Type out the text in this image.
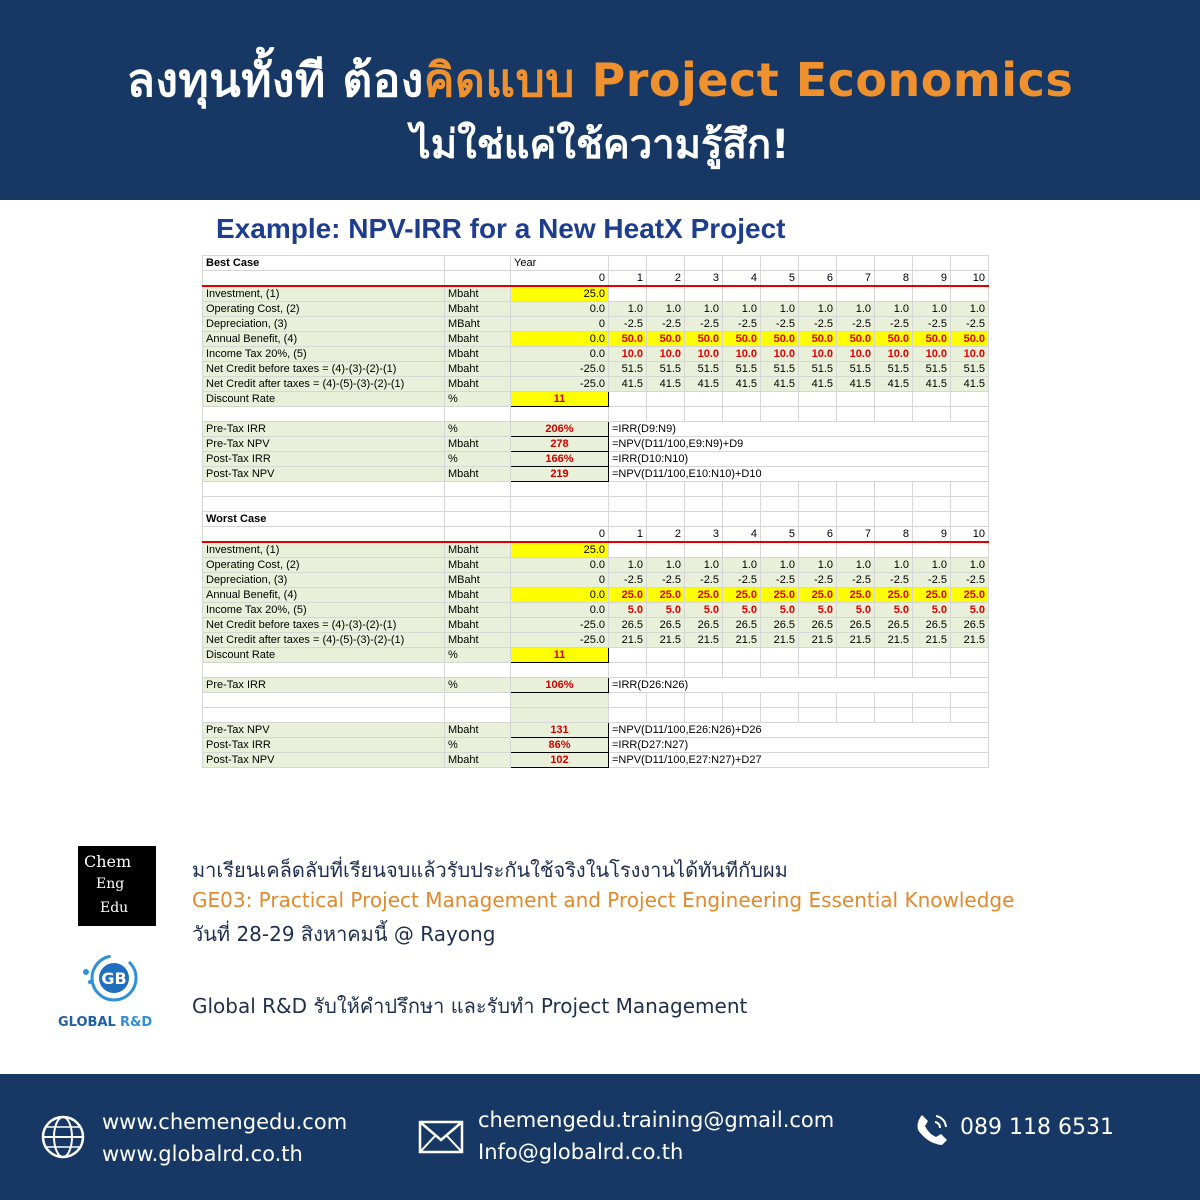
ลงทุนทั้งที ต้องคิดแบบ Project Economics
ไม่ใช่แค่ใช้ความรู้สึก!
Example: NPV-IRR for a New HeatX Project
Best Case		Year										
		0	1	2	3	4	5	6	7	8	9	10
Investment, (1)	Mbaht	25.0										
Operating Cost, (2)	Mbaht	0.0	1.0	1.0	1.0	1.0	1.0	1.0	1.0	1.0	1.0	1.0
Depreciation, (3)	MBaht	0	-2.5	-2.5	-2.5	-2.5	-2.5	-2.5	-2.5	-2.5	-2.5	-2.5
Annual Benefit, (4)	Mbaht	0.0	50.0	50.0	50.0	50.0	50.0	50.0	50.0	50.0	50.0	50.0
Income Tax 20%, (5)	Mbaht	0.0	10.0	10.0	10.0	10.0	10.0	10.0	10.0	10.0	10.0	10.0
Net Credit before taxes = (4)-(3)-(2)-(1)	Mbaht	-25.0	51.5	51.5	51.5	51.5	51.5	51.5	51.5	51.5	51.5	51.5
Net Credit after taxes = (4)-(5)-(3)-(2)-(1)	Mbaht	-25.0	41.5	41.5	41.5	41.5	41.5	41.5	41.5	41.5	41.5	41.5
Discount Rate	%	11										

Pre-Tax IRR	%	206%	=IRR(D9:N9)									
Pre-Tax NPV	Mbaht	278	=NPV(D11/100,E9:N9)+D9									
Post-Tax IRR	%	166%	=IRR(D10:N10)									
Post-Tax NPV	Mbaht	219	=NPV(D11/100,E10:N10)+D10									

Worst Case												
		0	1	2	3	4	5	6	7	8	9	10
Investment, (1)	Mbaht	25.0										
Operating Cost, (2)	Mbaht	0.0	1.0	1.0	1.0	1.0	1.0	1.0	1.0	1.0	1.0	1.0
Depreciation, (3)	MBaht	0	-2.5	-2.5	-2.5	-2.5	-2.5	-2.5	-2.5	-2.5	-2.5	-2.5
Annual Benefit, (4)	Mbaht	0.0	25.0	25.0	25.0	25.0	25.0	25.0	25.0	25.0	25.0	25.0
Income Tax 20%, (5)	Mbaht	0.0	5.0	5.0	5.0	5.0	5.0	5.0	5.0	5.0	5.0	5.0
Net Credit before taxes = (4)-(3)-(2)-(1)	Mbaht	-25.0	26.5	26.5	26.5	26.5	26.5	26.5	26.5	26.5	26.5	26.5
Net Credit after taxes = (4)-(5)-(3)-(2)-(1)	Mbaht	-25.0	21.5	21.5	21.5	21.5	21.5	21.5	21.5	21.5	21.5	21.5
Discount Rate	%	11										

Pre-Tax IRR	%	106%	=IRR(D26:N26)									

Pre-Tax NPV	Mbaht	131	=NPV(D11/100,E26:N26)+D26									
Post-Tax IRR	%	86%	=IRR(D27:N27)									
Post-Tax NPV	Mbaht	102	=NPV(D11/100,E27:N27)+D27									
Chem
Eng
Edu
GB
GLOBAL R&D
มาเรียนเคล็ดลับที่เรียนจบแล้วรับประกันใช้จริงในโรงงานได้ทันทีกับผม
GE03: Practical Project Management and Project Engineering Essential Knowledge
วันที่ 28-29 สิงหาคมนี้ @ Rayong
Global R&D รับให้คำปรึกษา และรับทำ Project Management
www.chemengedu.com
www.globalrd.co.th
chemengedu.training@gmail.com
Info@globalrd.co.th
089 118 6531
